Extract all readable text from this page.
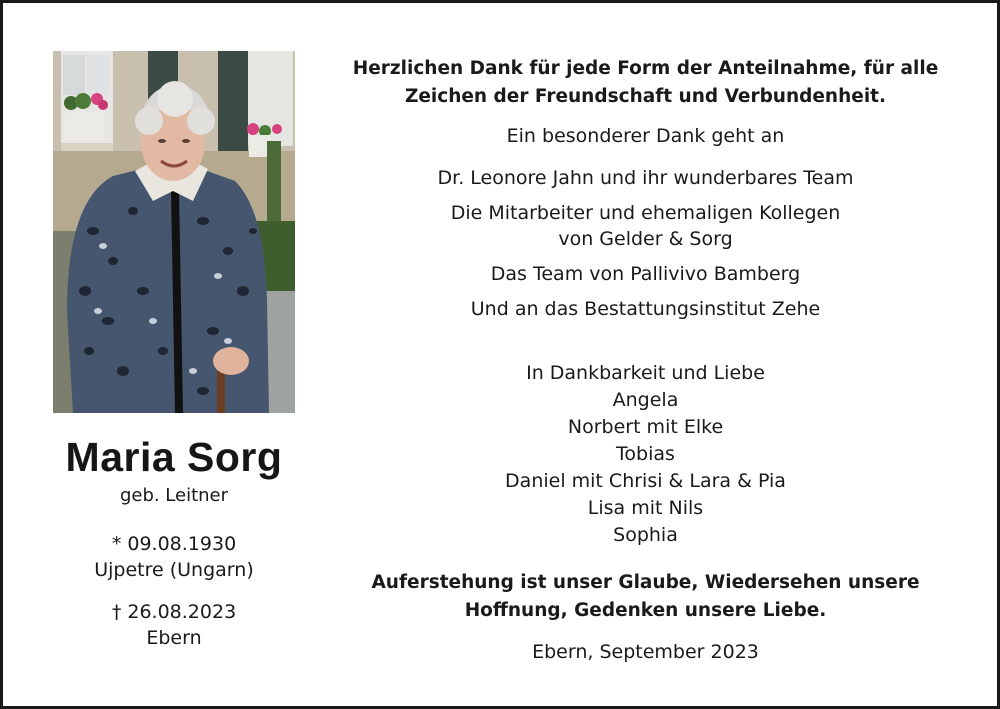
Maria Sorg
geb. Leitner
* 09.08.1930
Ujpetre (Ungarn)
† 26.08.2023
Ebern
Herzlichen Dank für jede Form der Anteilnahme, für alle
Zeichen der Freundschaft und Verbundenheit.
Ein besonderer Dank geht an
Dr. Leonore Jahn und ihr wunderbares Team
Die Mitarbeiter und ehemaligen Kollegen
von Gelder & Sorg
Das Team von Pallivivo Bamberg
Und an das Bestattungsinstitut Zehe
In Dankbarkeit und Liebe
Angela
Norbert mit Elke
Tobias
Daniel mit Chrisi & Lara & Pia
Lisa mit Nils
Sophia
Auferstehung ist unser Glaube, Wiedersehen unsere
Hoffnung, Gedenken unsere Liebe.
Ebern, September 2023
